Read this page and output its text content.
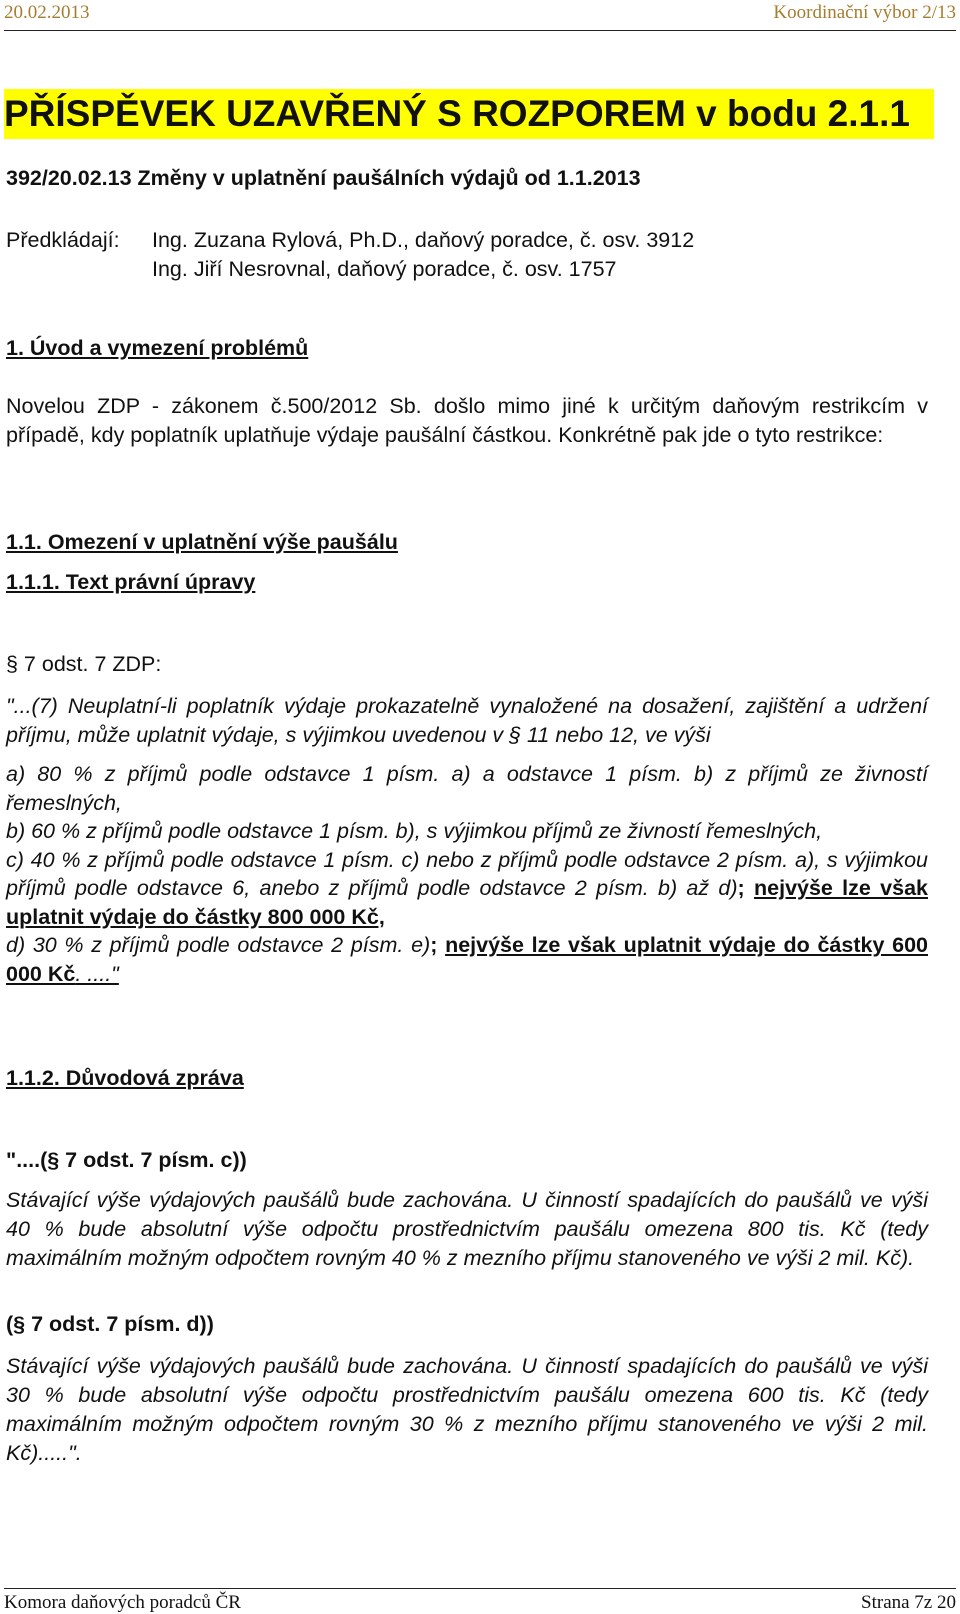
20.02.2013	Koordinační výbor 2/13
PŘÍSPĚVEK UZAVŘENÝ S ROZPOREM v bodu 2.1.1
392/20.02.13 Změny v uplatnění paušálních výdajů od 1.1.2013
Předkládají:	Ing. Zuzana Rylová, Ph.D., daňový poradce, č. osv. 3912
Ing. Jiří Nesrovnal, daňový poradce, č. osv. 1757
1. Úvod a vymezení problémů
Novelou ZDP - zákonem č.500/2012 Sb. došlo mimo jiné k určitým daňovým restrikcím v případě, kdy poplatník uplatňuje výdaje paušální částkou. Konkrétně pak jde o tyto restrikce:
1.1. Omezení v uplatnění výše paušálu
1.1.1. Text právní úpravy
§ 7 odst. 7 ZDP:
"...(7) Neuplatní-li poplatník výdaje prokazatelně vynaložené na dosažení, zajištění a udržení příjmu, může uplatnit výdaje, s výjimkou uvedenou v § 11 nebo 12, ve výši
a) 80 % z příjmů podle odstavce 1 písm. a) a odstavce 1 písm. b) z příjmů ze živností řemeslných,
b) 60 % z příjmů podle odstavce 1 písm. b), s výjimkou příjmů ze živností řemeslných,
c) 40 % z příjmů podle odstavce 1 písm. c) nebo z příjmů podle odstavce 2 písm. a), s výjimkou příjmů podle odstavce 6, anebo z příjmů podle odstavce 2 písm. b) až d); nejvýše lze však uplatnit výdaje do částky 800 000 Kč,
d) 30 % z příjmů podle odstavce 2 písm. e); nejvýše lze však uplatnit výdaje do částky 600 000 Kč. ...."
1.1.2. Důvodová zpráva
"....(§ 7 odst. 7 písm. c))
Stávající výše výdajových paušálů bude zachována. U činností spadajících do paušálů ve výši 40 % bude absolutní výše odpočtu prostřednictvím paušálu omezena 800 tis. Kč (tedy maximálním možným odpočtem rovným 40 % z mezního příjmu stanoveného ve výši 2 mil. Kč).
(§ 7 odst. 7 písm. d))
Stávající výše výdajových paušálů bude zachována. U činností spadajících do paušálů ve výši 30 % bude absolutní výše odpočtu prostřednictvím paušálu omezena 600 tis. Kč (tedy maximálním možným odpočtem rovným 30 % z mezního příjmu stanoveného ve výši 2 mil. Kč).....".
Komora daňových poradců ČR	Strana 7z 20
